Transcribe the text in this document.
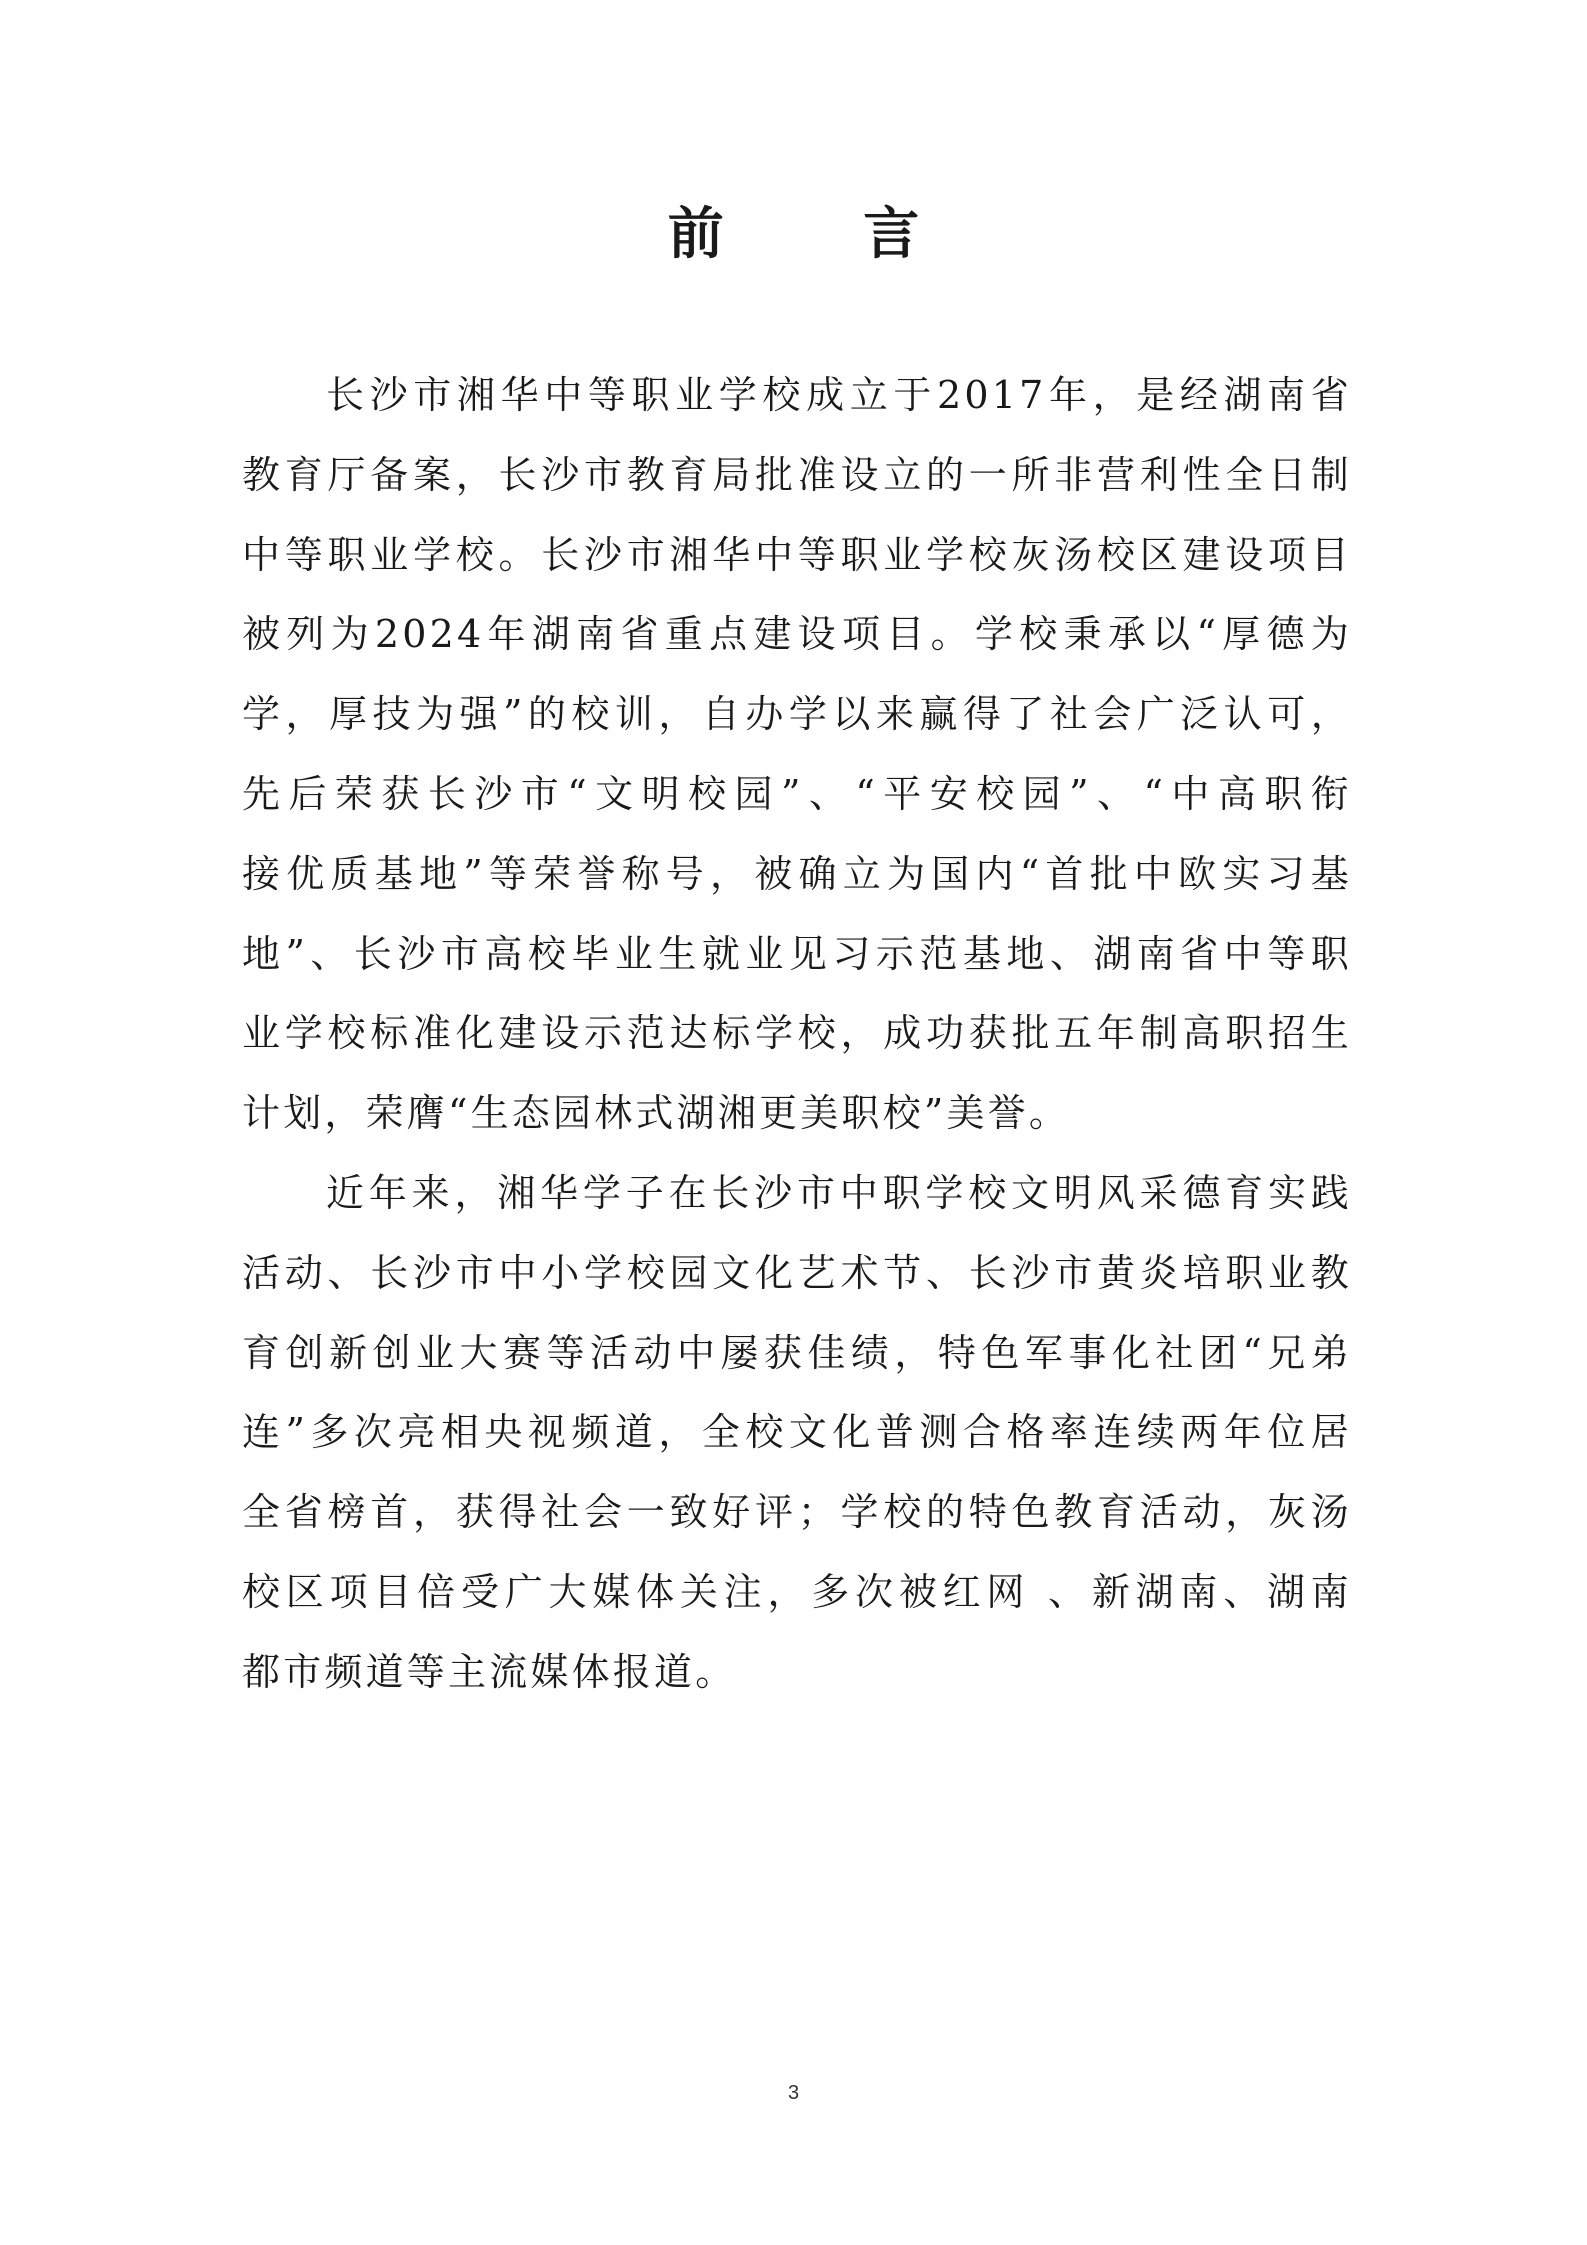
前 言
长沙市湘华中等职业学校成立于2017年，是经湖南省
教育厅备案，长沙市教育局批准设立的一所非营利性全日制
中等职业学校。长沙市湘华中等职业学校灰汤校区建设项目
被列为2024年湖南省重点建设项目。学校秉承以“厚德为
学，厚技为强”的校训，自办学以来赢得了社会广泛认可，
先后荣获长沙市“文明校园”、“平安校园”、“中高职衔
接优质基地”等荣誉称号，被确立为国内“首批中欧实习基
地”、长沙市高校毕业生就业见习示范基地、湖南省中等职
业学校标准化建设示范达标学校，成功获批五年制高职招生
计划，荣膺“生态园林式湖湘更美职校”美誉。
近年来，湘华学子在长沙市中职学校文明风采德育实践
活动、长沙市中小学校园文化艺术节、长沙市黄炎培职业教
育创新创业大赛等活动中屡获佳绩，特色军事化社团“兄弟
连”多次亮相央视频道，全校文化普测合格率连续两年位居
全省榜首，获得社会一致好评；学校的特色教育活动，灰汤
校区项目倍受广大媒体关注，多次被红网 、新湖南、湖南
都市频道等主流媒体报道。
3
